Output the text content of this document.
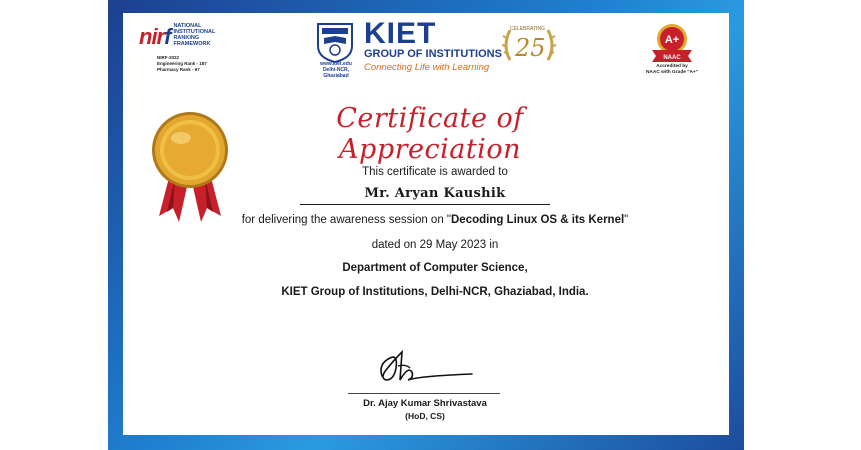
nirf NATIONAL
INSTITUTIONAL
RANKING
FRAMEWORK
NIRF-2022
Engineering Rank - 187
Pharmacy Rank - 97
www.kiet.edu
Delhi-NCR, Ghaziabad
KIET
GROUP OF INSTITUTIONS
Connecting Life with Learning
CELEBRATING
25	A+
NAAC
Accredited by
NAAC with Grade "A+"
Certificate of Appreciation
This certificate is awarded to
Mr. Aryan Kaushik
for delivering the awareness session on "Decoding Linux OS & its Kernel"
dated on 29 May 2023 in
Department of Computer Science,
KIET Group of Institutions, Delhi-NCR, Ghaziabad, India.
Dr. Ajay Kumar Shrivastava
(HoD, CS)
